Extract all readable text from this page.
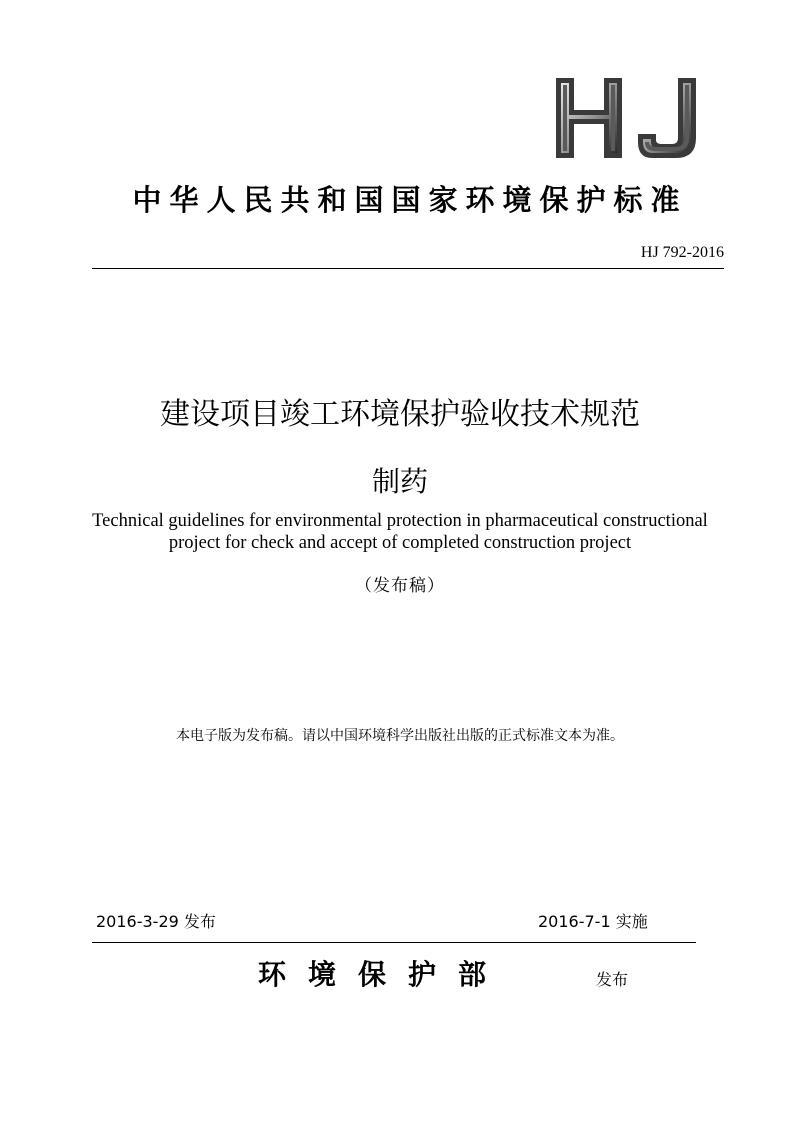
中华人民共和国国家环境保护标准
HJ 792-2016
建设项目竣工环境保护验收技术规范
制药
Technical guidelines for environmental protection in pharmaceutical constructional
project for check and accept of completed construction project
（发布稿）
本电子版为发布稿。请以中国环境科学出版社出版的正式标准文本为准。
2016-3-29 发布	2016-7-1 实施
环境保护部	发布
